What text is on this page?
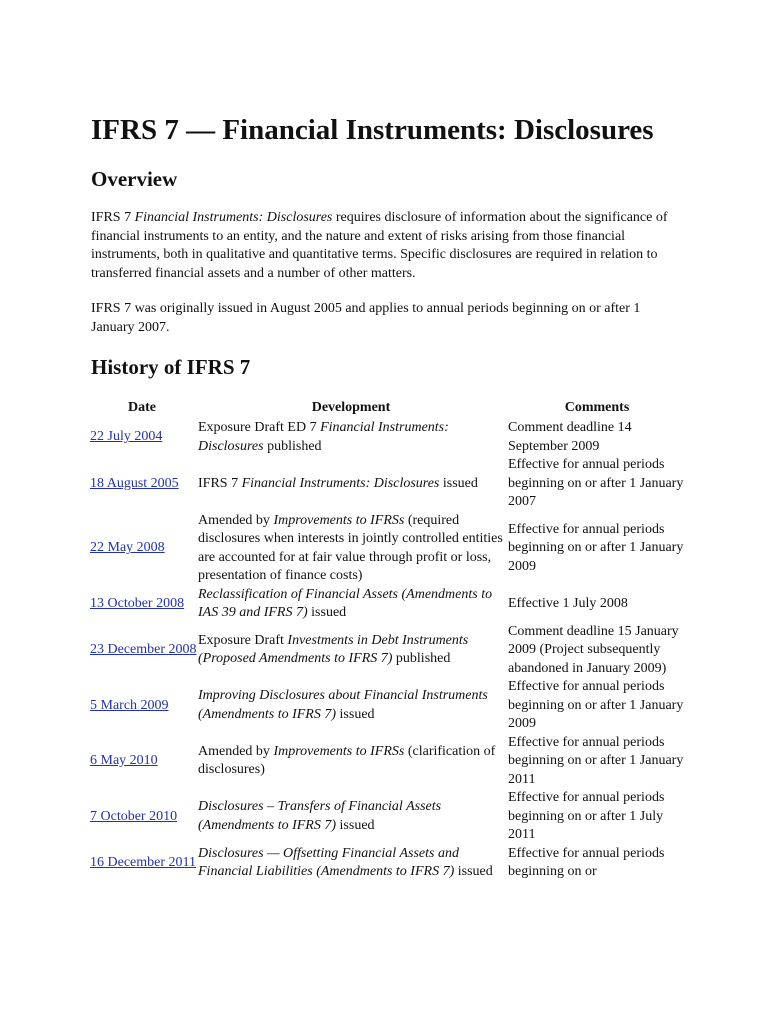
IFRS 7 — Financial Instruments: Disclosures
Overview

IFRS 7 Financial Instruments: Disclosures requires disclosure of information about the significance of financial instruments to an entity, and the nature and extent of risks arising from those financial instruments, both in qualitative and quantitative terms. Specific disclosures are required in relation to transferred financial assets and a number of other matters.

IFRS 7 was originally issued in August 2005 and applies to annual periods beginning on or after 1 January 2007.

History of IFRS 7
Date	Development	Comments
22 July 2004	Exposure Draft ED 7 Financial Instruments: Disclosures published	Comment deadline 14 September 2009
18 August 2005	IFRS 7 Financial Instruments: Disclosures issued	Effective for annual periods beginning on or after 1 January 2007
22 May 2008	Amended by Improvements to IFRSs (required disclosures when interests in jointly controlled entities are accounted for at fair value through profit or loss, presentation of finance costs)	Effective for annual periods beginning on or after 1 January 2009
13 October 2008	Reclassification of Financial Assets (Amendments to IAS 39 and IFRS 7) issued	Effective 1 July 2008
23 December 2008	Exposure Draft Investments in Debt Instruments (Proposed Amendments to IFRS 7) published	Comment deadline 15 January 2009 (Project subsequently abandoned in January 2009)
5 March 2009	Improving Disclosures about Financial Instruments (Amendments to IFRS 7) issued	Effective for annual periods beginning on or after 1 January 2009
6 May 2010	Amended by Improvements to IFRSs (clarification of disclosures)	Effective for annual periods beginning on or after 1 January 2011
7 October 2010	Disclosures – Transfers of Financial Assets (Amendments to IFRS 7) issued	Effective for annual periods beginning on or after 1 July 2011
16 December 2011	Disclosures — Offsetting Financial Assets and Financial Liabilities (Amendments to IFRS 7) issued	Effective for annual periods beginning on or
